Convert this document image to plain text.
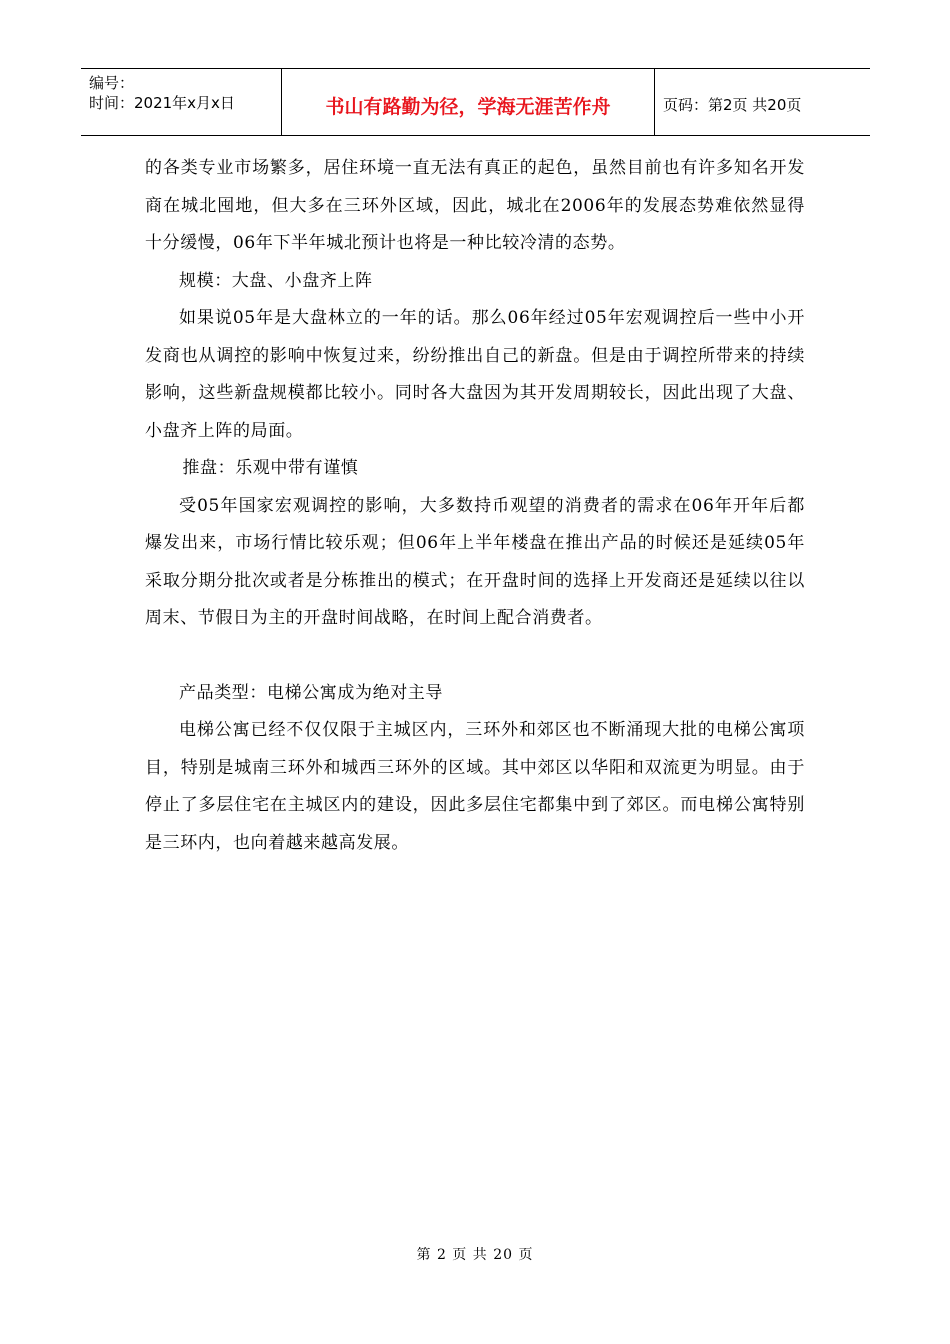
编号：
时间：2021年x月x日	书山有路勤为径，学海无涯苦作舟	页码：第2页 共20页

的各类专业市场繁多，居住环境一直无法有真正的起色，虽然目前也有许多知名开发商在城北囤地，但大多在三环外区域，因此，城北在2006年的发展态势难依然显得十分缓慢，06年下半年城北预计也将是一种比较冷清的态势。

规模：大盘、小盘齐上阵

如果说05年是大盘林立的一年的话。那么06年经过05年宏观调控后一些中小开发商也从调控的影响中恢复过来，纷纷推出自己的新盘。但是由于调控所带来的持续影响，这些新盘规模都比较小。同时各大盘因为其开发周期较长，因此出现了大盘、小盘齐上阵的局面。

推盘：乐观中带有谨慎

受05年国家宏观调控的影响，大多数持币观望的消费者的需求在06年开年后都爆发出来，市场行情比较乐观；但06年上半年楼盘在推出产品的时候还是延续05年采取分期分批次或者是分栋推出的模式；在开盘时间的选择上开发商还是延续以往以周末、节假日为主的开盘时间战略，在时间上配合消费者。

产品类型：电梯公寓成为绝对主导

电梯公寓已经不仅仅限于主城区内，三环外和郊区也不断涌现大批的电梯公寓项目，特别是城南三环外和城西三环外的区域。其中郊区以华阳和双流更为明显。由于停止了多层住宅在主城区内的建设，因此多层住宅都集中到了郊区。而电梯公寓特别是三环内，也向着越来越高发展。

第 2 页 共 20 页
